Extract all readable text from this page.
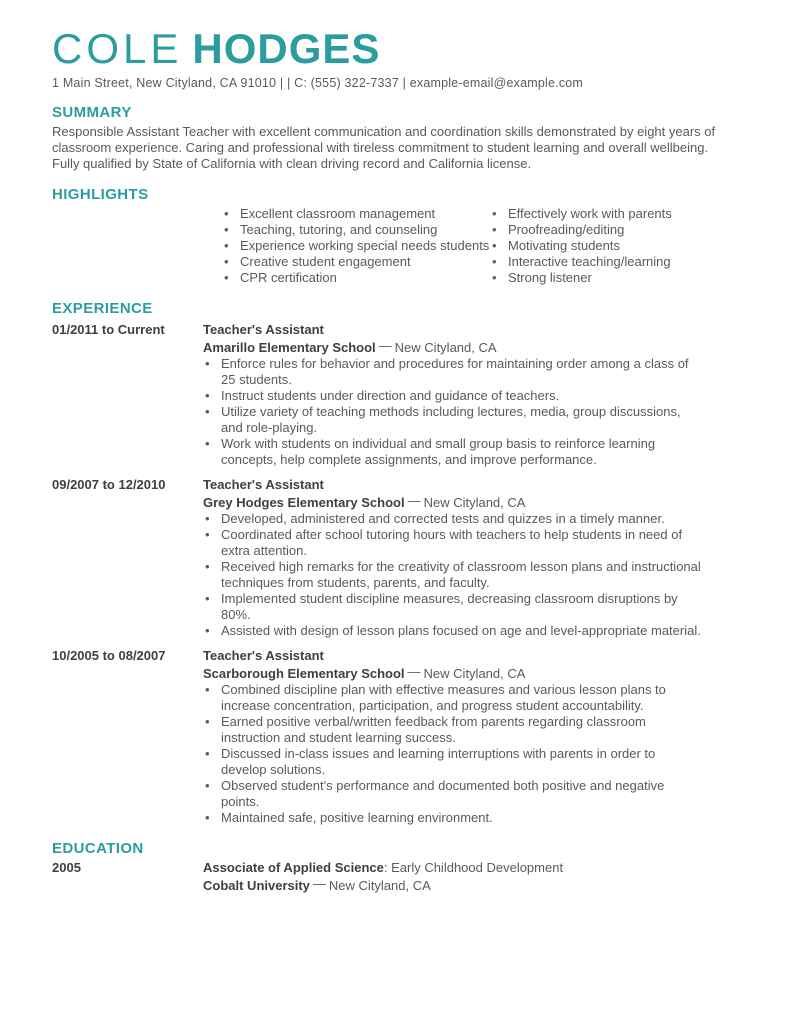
COLE HODGES
1 Main Street, New Cityland, CA 91010 | | C: (555) 322-7337 | example-email@example.com
SUMMARY

Responsible Assistant Teacher with excellent communication and coordination skills demonstrated by eight years of classroom experience. Caring and professional with tireless commitment to student learning and overall wellbeing. Fully qualified by State of California with clean driving record and California license.

HIGHLIGHTS
• Excellent classroom management
• Teaching, tutoring, and counseling
• Experience working special needs students
• Creative student engagement
• CPR certification
• Effectively work with parents
• Proofreading/editing
• Motivating students
• Interactive teaching/learning
• Strong listener
EXPERIENCE
01/2011 to Current	Teacher's Assistant
Amarillo Elementary School — New Cityland, CA
• Enforce rules for behavior and procedures for maintaining order among a class of 25 students.
• Instruct students under direction and guidance of teachers.
• Utilize variety of teaching methods including lectures, media, group discussions, and role-playing.
• Work with students on individual and small group basis to reinforce learning concepts, help complete assignments, and improve performance.
09/2007 to 12/2010	Teacher's Assistant
Grey Hodges Elementary School — New Cityland, CA
• Developed, administered and corrected tests and quizzes in a timely manner.
• Coordinated after school tutoring hours with teachers to help students in need of extra attention.
• Received high remarks for the creativity of classroom lesson plans and instructional techniques from students, parents, and faculty.
• Implemented student discipline measures, decreasing classroom disruptions by 80%.
• Assisted with design of lesson plans focused on age and level-appropriate material.
10/2005 to 08/2007	Teacher's Assistant
Scarborough Elementary School — New Cityland, CA
• Combined discipline plan with effective measures and various lesson plans to increase concentration, participation, and progress student accountability.
• Earned positive verbal/written feedback from parents regarding classroom instruction and student learning success.
• Discussed in-class issues and learning interruptions with parents in order to develop solutions.
• Observed student's performance and documented both positive and negative points.
• Maintained safe, positive learning environment.
EDUCATION
2005	Associate of Applied Science: Early Childhood Development
Cobalt University — New Cityland, CA
